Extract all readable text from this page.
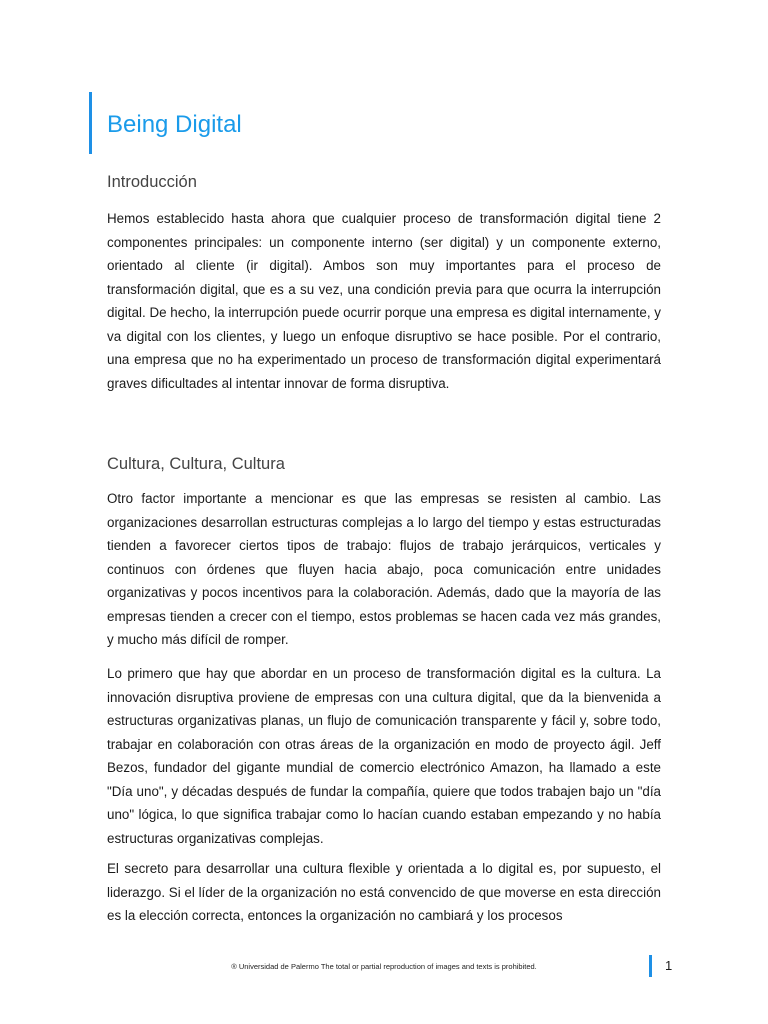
Being Digital
Introducción

Hemos establecido hasta ahora que cualquier proceso de transformación digital tiene 2 componentes principales: un componente interno (ser digital) y un componente externo, orientado al cliente (ir digital). Ambos son muy importantes para el proceso de transformación digital, que es a su vez, una condición previa para que ocurra la interrupción digital. De hecho, la interrupción puede ocurrir porque una empresa es digital internamente, y va digital con los clientes, y luego un enfoque disruptivo se hace posible. Por el contrario, una empresa que no ha experimentado un proceso de transformación digital experimentará graves dificultades al intentar innovar de forma disruptiva.

Cultura, Cultura, Cultura

Otro factor importante a mencionar es que las empresas se resisten al cambio. Las organizaciones desarrollan estructuras complejas a lo largo del tiempo y estas estructuradas tienden a favorecer ciertos tipos de trabajo: flujos de trabajo jerárquicos, verticales y continuos con órdenes que fluyen hacia abajo, poca comunicación entre unidades organizativas y pocos incentivos para la colaboración. Además, dado que la mayoría de las empresas tienden a crecer con el tiempo, estos problemas se hacen cada vez más grandes, y mucho más difícil de romper.

Lo primero que hay que abordar en un proceso de transformación digital es la cultura. La innovación disruptiva proviene de empresas con una cultura digital, que da la bienvenida a estructuras organizativas planas, un flujo de comunicación transparente y fácil y, sobre todo, trabajar en colaboración con otras áreas de la organización en modo de proyecto ágil. Jeff Bezos, fundador del gigante mundial de comercio electrónico Amazon, ha llamado a este "Día uno", y décadas después de fundar la compañía, quiere que todos trabajen bajo un "día uno" lógica, lo que significa trabajar como lo hacían cuando estaban empezando y no había estructuras organizativas complejas.

El secreto para desarrollar una cultura flexible y orientada a lo digital es, por supuesto, el liderazgo. Si el líder de la organización no está convencido de que moverse en esta dirección es la elección correcta, entonces la organización no cambiará y los procesos

® Universidad de Palermo The total or partial reproduction of images and texts is prohibited.	1
